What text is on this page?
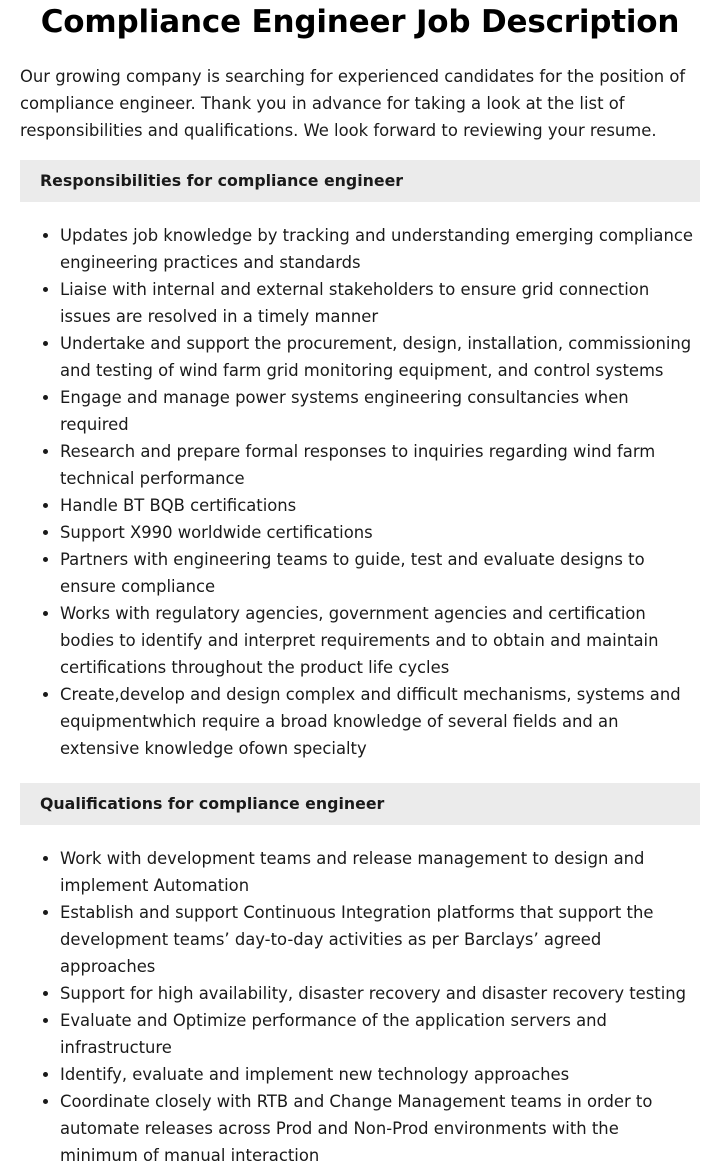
Compliance Engineer Job Description

Our growing company is searching for experienced candidates for the position of compliance engineer. Thank you in advance for taking a look at the list of responsibilities and qualifications. We look forward to reviewing your resume.

Responsibilities for compliance engineer
Updates job knowledge by tracking and understanding emerging compliance engineering practices and standards
Liaise with internal and external stakeholders to ensure grid connection issues are resolved in a timely manner
Undertake and support the procurement, design, installation, commissioning and testing of wind farm grid monitoring equipment, and control systems
Engage and manage power systems engineering consultancies when required
Research and prepare formal responses to inquiries regarding wind farm technical performance
Handle BT BQB certifications
Support X990 worldwide certifications
Partners with engineering teams to guide, test and evaluate designs to ensure compliance
Works with regulatory agencies, government agencies and certification bodies to identify and interpret requirements and to obtain and maintain certifications throughout the product life cycles
Create,develop and design complex and difficult mechanisms, systems and equipmentwhich require a broad knowledge of several fields and an extensive knowledge ofown specialty
Qualifications for compliance engineer
Work with development teams and release management to design and implement Automation
Establish and support Continuous Integration platforms that support the development teams’ day-to-day activities as per Barclays’ agreed approaches
Support for high availability, disaster recovery and disaster recovery testing
Evaluate and Optimize performance of the application servers and infrastructure
Identify, evaluate and implement new technology approaches
Coordinate closely with RTB and Change Management teams in order to automate releases across Prod and Non-Prod environments with the minimum of manual interaction
